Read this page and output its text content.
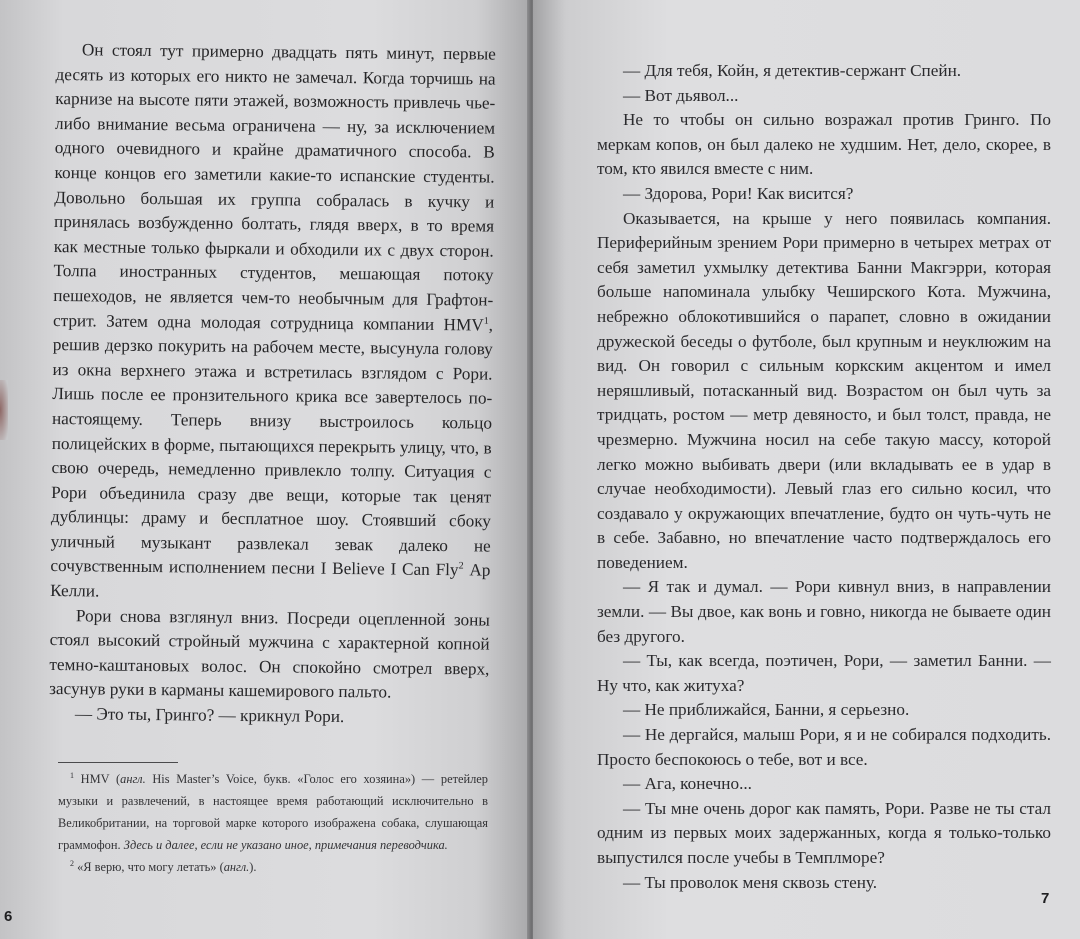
Он стоял тут примерно двадцать пять минут, первые десять из которых его никто не замечал. Когда торчишь на карнизе на высоте пяти этажей, возможность привлечь чье-либо внимание весьма ограничена — ну, за исключением одного очевидного и крайне драматичного способа. В конце концов его заметили какие-то испанские студенты. Довольно большая их группа собралась в кучку и принялась возбужденно болтать, глядя вверх, в то время как местные только фыркали и обходили их с двух сторон. Толпа иностранных студентов, мешающая потоку пешеходов, не является чем-то необычным для Графтон-стрит. Затем одна молодая сотрудница компании HMV$^1$, решив дерзко покурить на рабочем месте, высунула голову из окна верхнего этажа и встретилась взглядом с Рори. Лишь после ее пронзительного крика все завертелось по-настоящему. Теперь внизу выстроилось кольцо полицейских в форме, пытающихся перекрыть улицу, что, в свою очередь, немедленно привлекло толпу. Ситуация с Рори объединила сразу две вещи, которые так ценят дублинцы: драму и бесплатное шоу. Стоявший сбоку уличный музыкант развлекал зевак далеко не сочувственным исполнением песни I Believe I Can Fly$^2$ Ар Келли.

Рори снова взглянул вниз. Посреди оцепленной зоны стоял высокий стройный мужчина с характерной копной темно-каштановых волос. Он спокойно смотрел вверх, засунув руки в карманы кашемирового пальто.

— Это ты, Гринго? — крикнул Рори.

$^1$ HMV (англ. His Master’s Voice, букв. «Голос его хозяина») — ретейлер музыки и развлечений, в настоящее время работающий исключительно в Великобритании, на торговой марке которого изображена собака, слушающая граммофон. Здесь и далее, если не указано иное, примечания переводчика.

$^2$ «Я верю, что могу летать» (англ.).

6

— Для тебя, Койн, я детектив-сержант Спейн.

— Вот дьявол...

Не то чтобы он сильно возражал против Гринго. По меркам копов, он был далеко не худшим. Нет, дело, скорее, в том, кто явился вместе с ним.

— Здорова, Рори! Как висится?

Оказывается, на крыше у него появилась компания. Периферийным зрением Рори примерно в четырех метрах от себя заметил ухмылку детектива Банни Макгэрри, которая больше напоминала улыбку Чеширского Кота. Мужчина, небрежно облокотившийся о парапет, словно в ожидании дружеской беседы о футболе, был крупным и неуклюжим на вид. Он говорил с сильным коркским акцентом и имел неряшливый, потасканный вид. Возрастом он был чуть за тридцать, ростом — метр девяносто, и был толст, правда, не чрезмерно. Мужчина носил на себе такую массу, которой легко можно выбивать двери (или вкладывать ее в удар в случае необходимости). Левый глаз его сильно косил, что создавало у окружающих впечатление, будто он чуть-чуть не в себе. Забавно, но впечатление часто подтверждалось его поведением.

— Я так и думал. — Рори кивнул вниз, в направлении земли. — Вы двое, как вонь и говно, никогда не бываете один без другого.

— Ты, как всегда, поэтичен, Рори, — заметил Банни. — Ну что, как житуха?

— Не приближайся, Банни, я серьезно.

— Не дергайся, малыш Рори, я и не собирался подходить. Просто беспокоюсь о тебе, вот и все.

— Ага, конечно...

— Ты мне очень дорог как память, Рори. Разве не ты стал одним из первых моих задержанных, когда я только-только выпустился после учебы в Темплморе?

— Ты проволок меня сквозь стену.

7
